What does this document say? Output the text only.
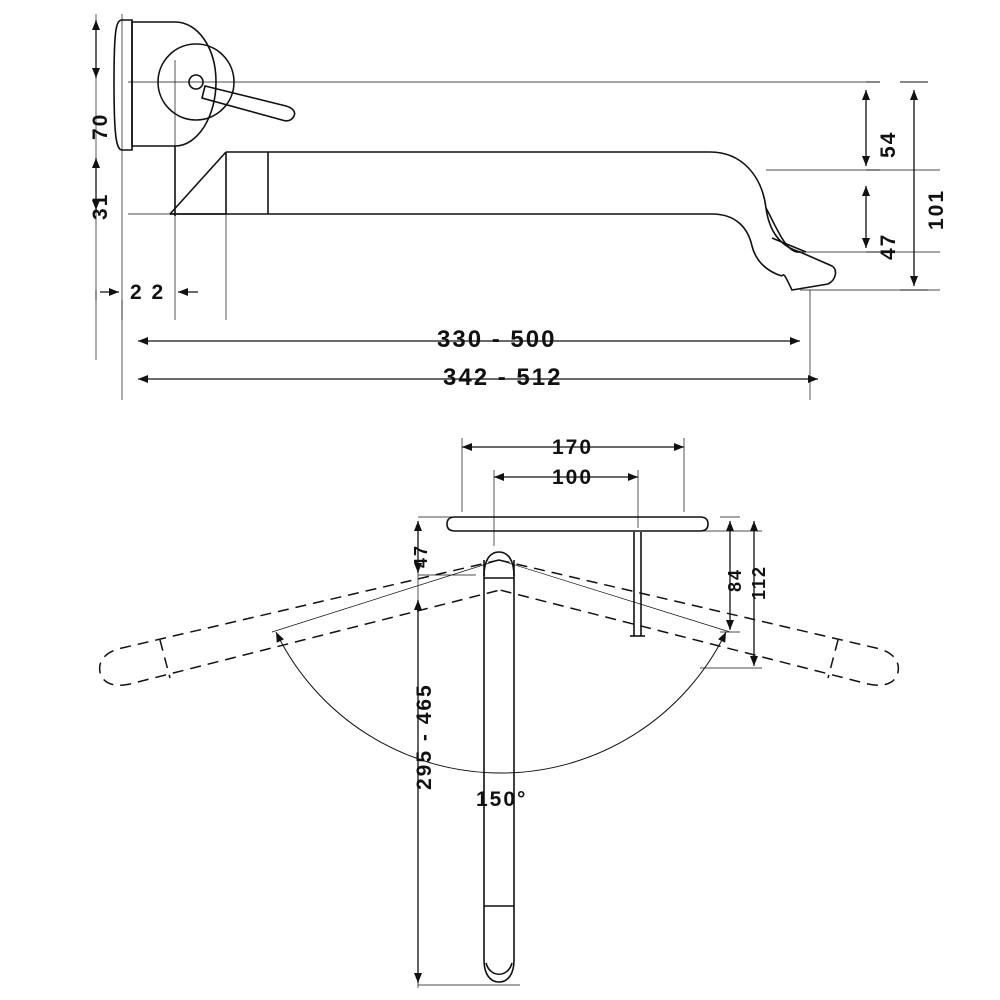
70
31
2 2
54
47
101
330 - 500
342 - 512
170
100
47
84 112
295 - 465
150°
